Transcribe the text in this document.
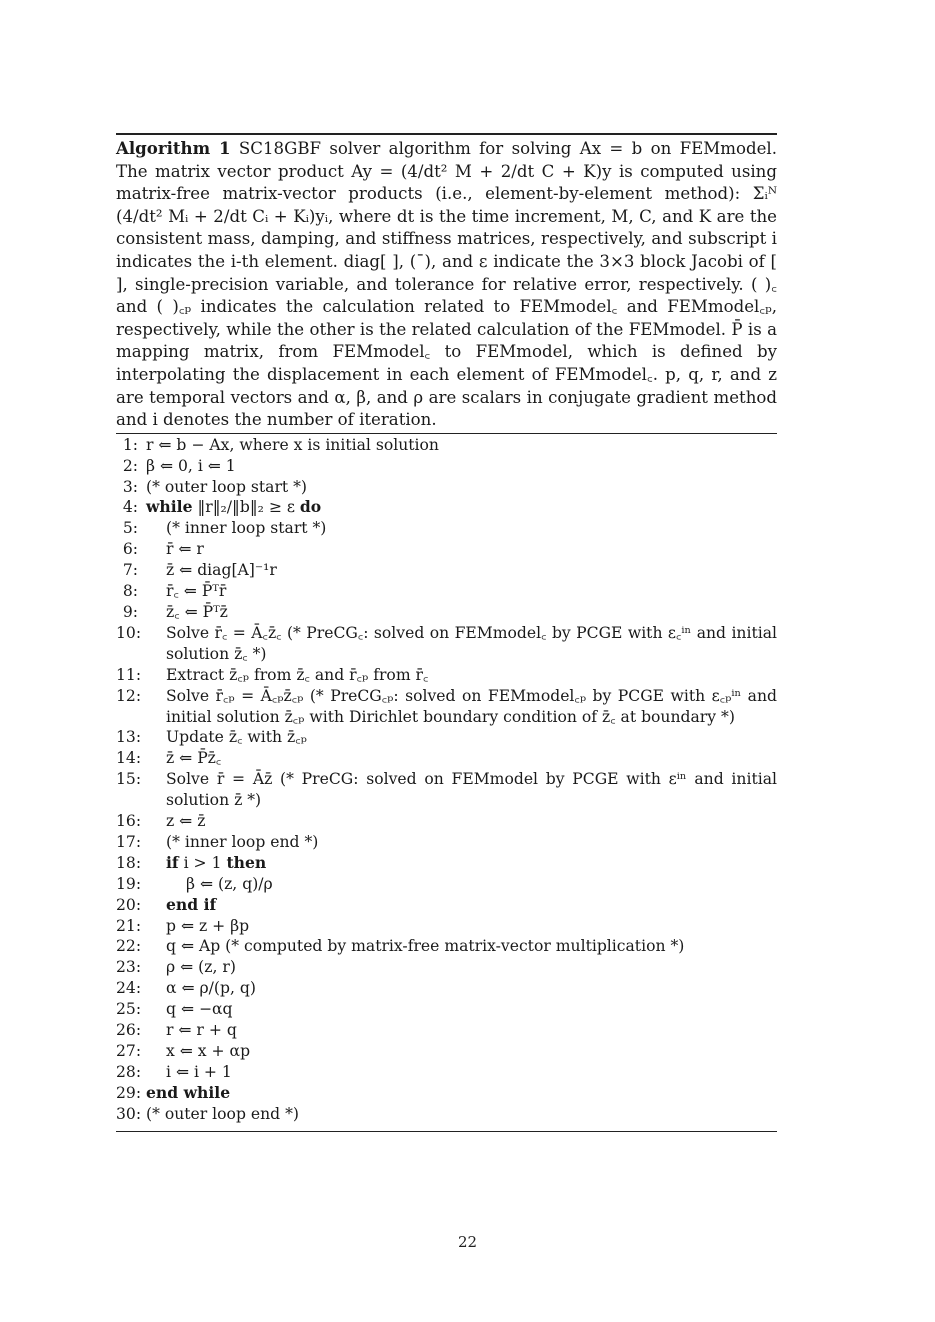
Algorithm 1 SC18GBF solver algorithm for solving Ax = b on FEMmodel. The matrix vector product Ay = (4/dt² M + 2/dt C + K)y is computed using matrix-free matrix-vector products (i.e., element-by-element method): Σᵢᴺ (4/dt² Mᵢ + 2/dt Cᵢ + Kᵢ)yᵢ, where dt is the time increment, M, C, and K are the consistent mass, damping, and stiffness matrices, respectively, and subscript i indicates the i-th element. diag[ ], (¯), and ε indicate the 3×3 block Jacobi of [ ], single-precision variable, and tolerance for relative error, respectively. ( )꜀ and ( )꜀ₚ indicates the calculation related to FEMmodel꜀ and FEMmodel꜀ₚ, respectively, while the other is the related calculation of the FEMmodel. P̄ is a mapping matrix, from FEMmodel꜀ to FEMmodel, which is defined by interpolating the displacement in each element of FEMmodel꜀. p, q, r, and z are temporal vectors and α, β, and ρ are scalars in conjugate gradient method and i denotes the number of iteration.

1: r ⇐ b − Ax, where x is initial solution
2: β ⇐ 0, i ⇐ 1
3: (* outer loop start *)
4: while ‖r‖₂/‖b‖₂ ≥ ε do
5:	(* inner loop start *)
6:	r̄ ⇐ r
7:	z̄ ⇐ diag[A]⁻¹r
8:	r̄꜀ ⇐ P̄ᵀr̄
9:	z̄꜀ ⇐ P̄ᵀz̄
10:	Solve r̄꜀ = Ā꜀z̄꜀ (* PreCG꜀: solved on FEMmodel꜀ by PCGE with ε꜀ⁱⁿ and initial solution z̄꜀ *)
11:	Extract z̄꜀ₚ from z̄꜀ and r̄꜀ₚ from r̄꜀
12:	Solve r̄꜀ₚ = Ā꜀ₚz̄꜀ₚ (* PreCG꜀ₚ: solved on FEMmodel꜀ₚ by PCGE with ε꜀ₚⁱⁿ and initial solution z̄꜀ₚ with Dirichlet boundary condition of z̄꜀ at boundary *)
13:	Update z̄꜀ with z̄꜀ₚ
14:	z̄ ⇐ P̄z̄꜀
15:	Solve r̄ = Āz̄ (* PreCG: solved on FEMmodel by PCGE with εⁱⁿ and initial solution z̄ *)
16:	z ⇐ z̄
17:	(* inner loop end *)
18:	if i > 1 then
19:	β ⇐ (z, q)/ρ
20:	end if
21:	p ⇐ z + βp
22:	q ⇐ Ap (* computed by matrix-free matrix-vector multiplication *)
23:	ρ ⇐ (z, r)
24:	α ⇐ ρ/(p, q)
25:	q ⇐ −αq
26:	r ⇐ r + q
27:	x ⇐ x + αp
28:	i ⇐ i + 1
29: end while
30: (* outer loop end *)
22
